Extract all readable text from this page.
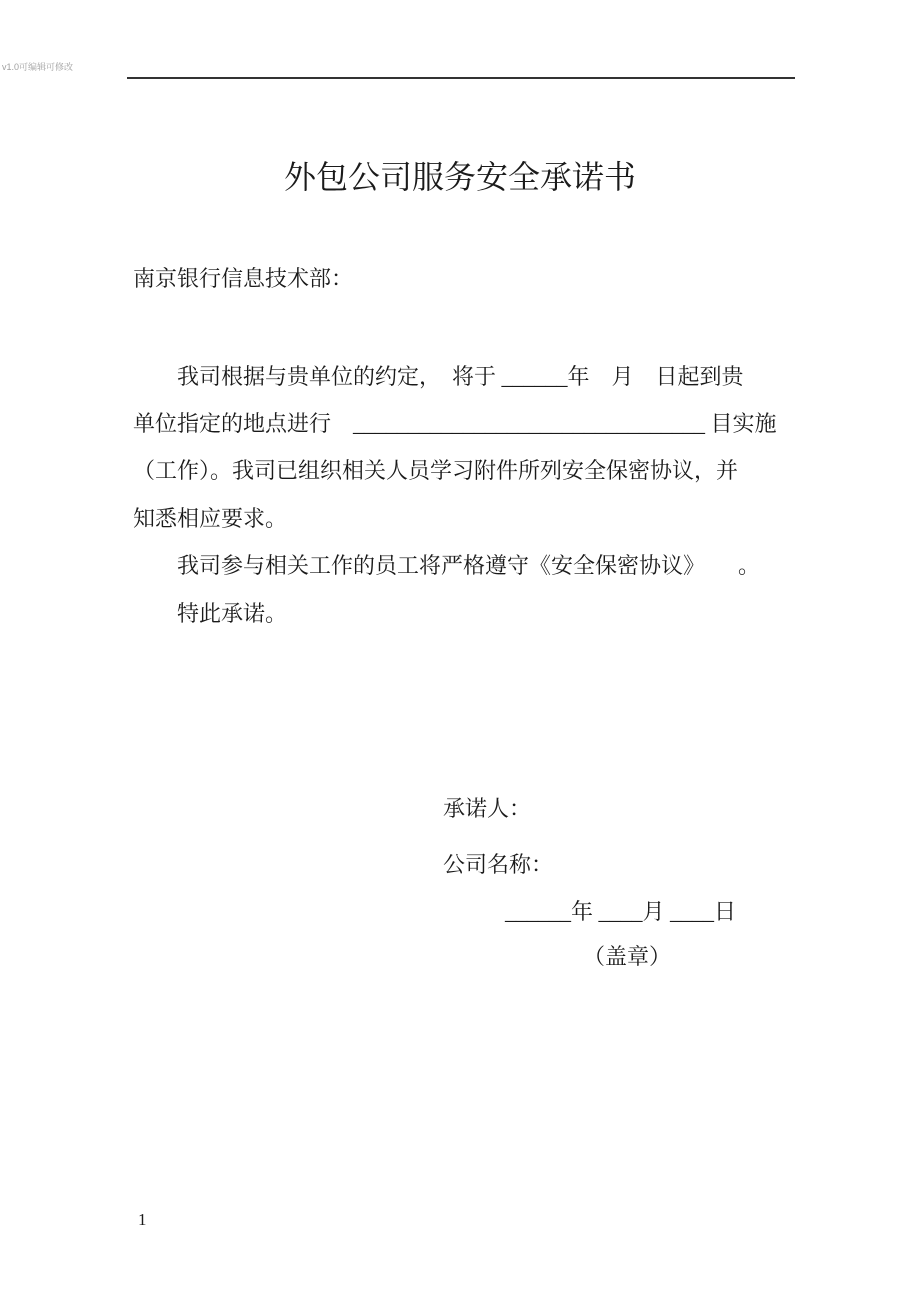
v1.0可编辑可修改
外包公司服务安全承诺书

南京银行信息技术部：

我司根据与贵单位的约定，　将于 ______年　月　日起到贵

单位指定的地点进行　________________________________ 目实施

（工作）。我司已组织相关人员学习附件所列安全保密协议，并

知悉相应要求。

我司参与相关工作的员工将严格遵守《安全保密协议》　　。

特此承诺。

承诺人：

公司名称：

______年 ____月 ____日

（盖章）

1
